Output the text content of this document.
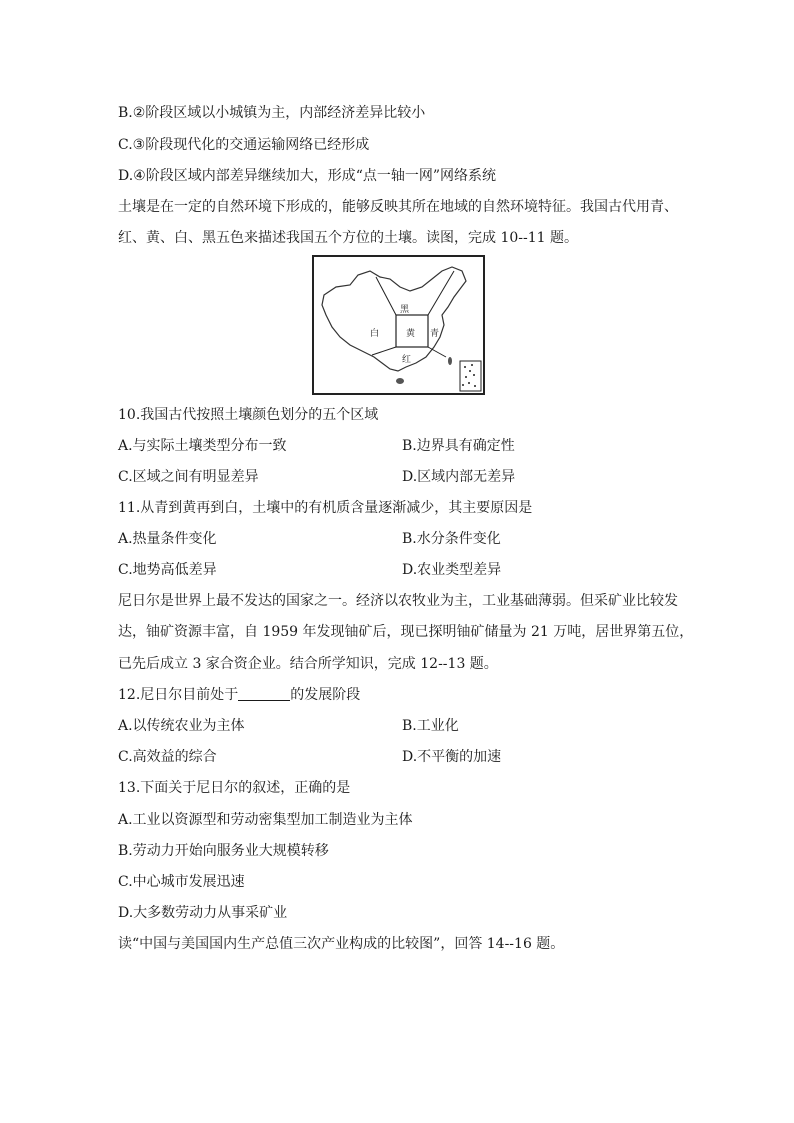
B.②阶段区域以小城镇为主，内部经济差异比较小
C.③阶段现代化的交通运输网络已经形成
D.④阶段区域内部差异继续加大，形成“点一轴一网”网络系统
土壤是在一定的自然环境下形成的，能够反映其所在地域的自然环境特征。我国古代用青、
红、黄、白、黑五色来描述我国五个方位的土壤。读图，完成 10--11 题。
黑
白	黄 青
红
10.我国古代按照土壤颜色划分的五个区域
A.与实际土壤类型分布一致	B.边界具有确定性
C.区域之间有明显差异	D.区域内部无差异
11.从青到黄再到白，土壤中的有机质含量逐渐减少，其主要原因是
A.热量条件变化	B.水分条件变化
C.地势高低差异	D.农业类型差异
尼日尔是世界上最不发达的国家之一。经济以农牧业为主，工业基础薄弱。但采矿业比较发
达，铀矿资源丰富，自 1959 年发现铀矿后，现已探明铀矿储量为 21 万吨，居世界第五位，
已先后成立 3 家合资企业。结合所学知识，完成 12--13 题。
12.尼日尔目前处于	的发展阶段
A.以传统农业为主体	B.工业化
C.高效益的综合	D.不平衡的加速
13.下面关于尼日尔的叙述，正确的是
A.工业以资源型和劳动密集型加工制造业为主体
B.劳动力开始向服务业大规模转移
C.中心城市发展迅速
D.大多数劳动力从事采矿业
读“中国与美国国内生产总值三次产业构成的比较图”，回答 14--16 题。
